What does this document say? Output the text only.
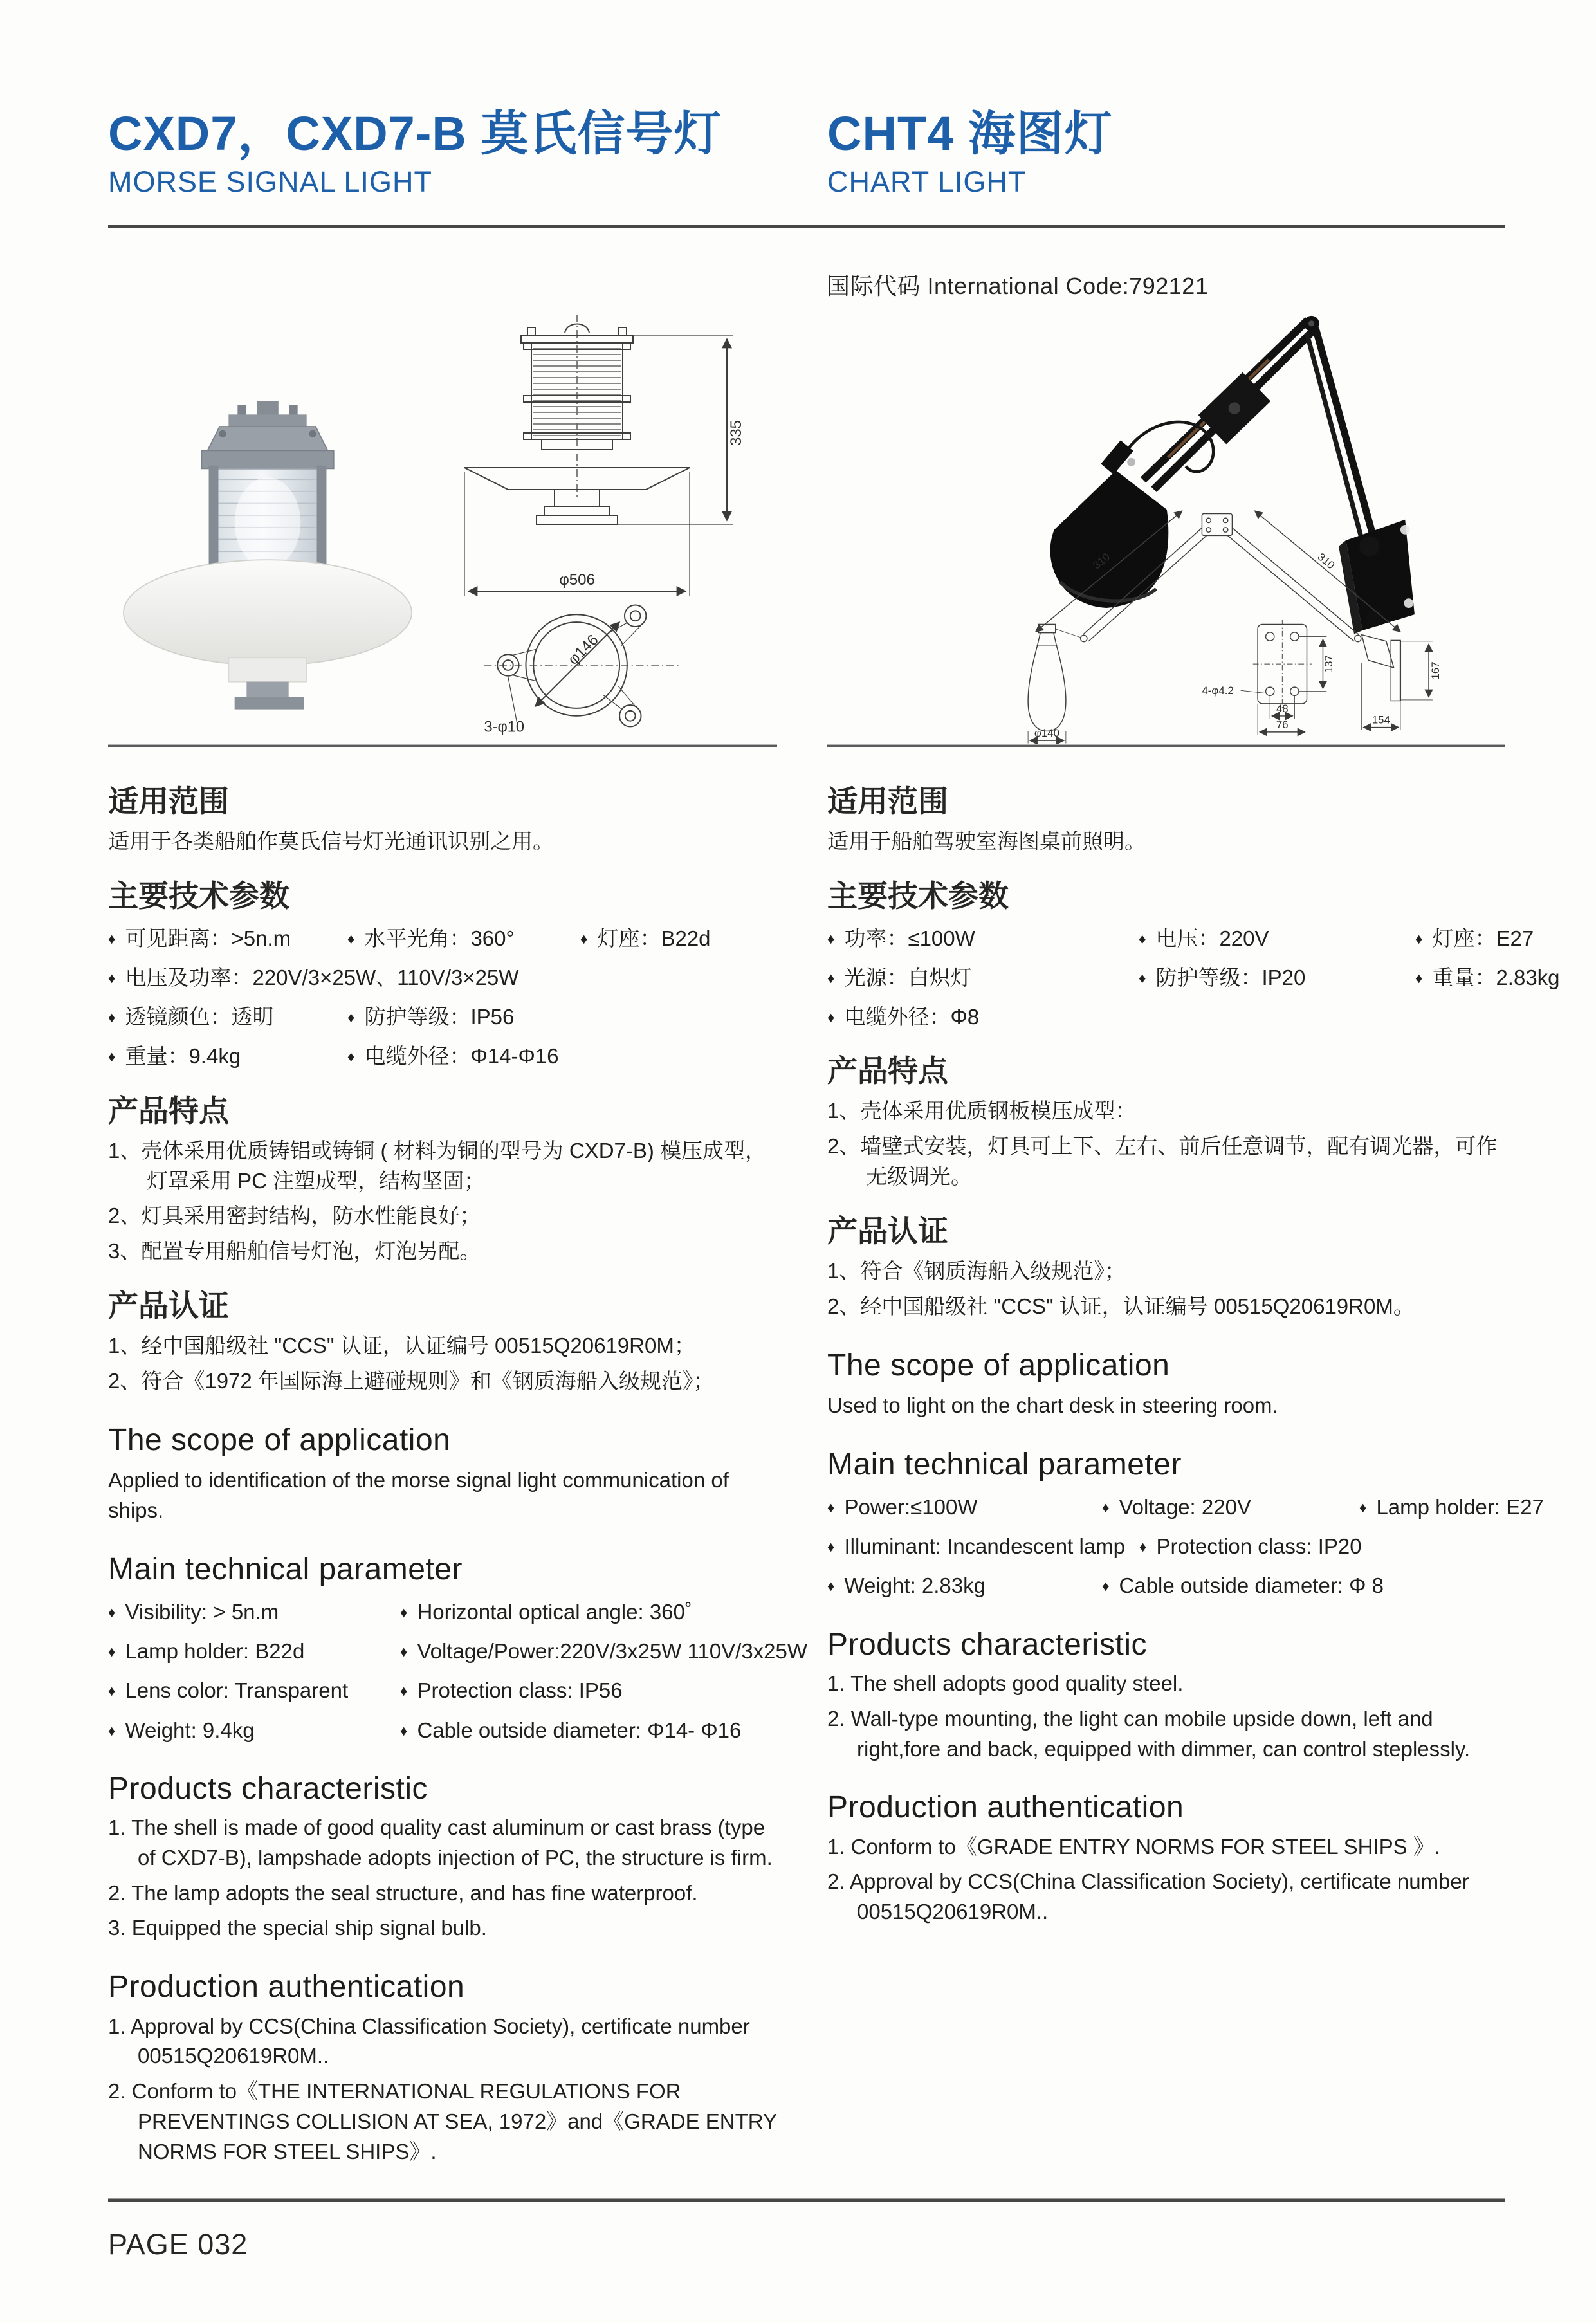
CXD7，CXD7-B 莫氏信号灯
MORSE SIGNAL LIGHT
CHT4 海图灯
CHART LIGHT
335
φ506
φ146
3-φ10
国际代码 International Code:792121
310	310
137
4-φ4.2
48
76
167
154
φ140
适用范围

适用于各类船舶作莫氏信号灯光通讯识别之用。

主要技术参数
♦ 可见距离：>5n.m	♦ 水平光角：360°	♦ 灯座：B22d
♦ 电压及功率：220V/3×25W、110V/3×25W
♦ 透镜颜色：透明	♦ 防护等级：IP56
♦ 重量：9.4kg	♦ 电缆外径：Φ14-Φ16
产品特点
1、壳体采用优质铸铝或铸铜 ( 材料为铜的型号为 CXD7-B) 模压成型，灯罩采用 PC 注塑成型，结构坚固；
2、灯具采用密封结构，防水性能良好；
3、配置专用船舶信号灯泡，灯泡另配。
产品认证
1、经中国船级社 "CCS" 认证，认证编号 00515Q20619R0M；
2、符合《1972 年国际海上避碰规则》和《钢质海船入级规范》；
The scope of application

Applied to identification of the morse signal light communication of ships.

Main technical parameter
♦ Visibility: > 5n.m	♦ Horizontal optical angle: 360˚
♦ Lamp holder: B22d	♦ Voltage/Power:220V/3x25W 110V/3x25W
♦ Lens color: Transparent	♦ Protection class: IP56
♦ Weight: 9.4kg	♦ Cable outside diameter: Φ14- Φ16
Products characteristic
1. The shell is made of good quality cast aluminum or cast brass (type of CXD7-B), lampshade adopts injection of PC, the structure is firm.
2. The lamp adopts the seal structure, and has fine waterproof.
3. Equipped the special ship signal bulb.
Production authentication
1. Approval by CCS(China Classification Society), certificate number 00515Q20619R0M..
2. Conform to《THE INTERNATIONAL REGULATIONS FOR PREVENTINGS COLLISION AT SEA, 1972》and《GRADE ENTRY NORMS FOR STEEL SHIPS》.
适用范围

适用于船舶驾驶室海图桌前照明。

主要技术参数
♦ 功率：≤100W	♦ 电压：220V	♦ 灯座：E27
♦ 光源：白炽灯	♦ 防护等级：IP20	♦ 重量：2.83kg
♦ 电缆外径：Φ8
产品特点
1、壳体采用优质钢板模压成型：
2、墙壁式安装，灯具可上下、左右、前后任意调节，配有调光器，可作无级调光。
产品认证
1、符合《钢质海船入级规范》；
2、经中国船级社 "CCS" 认证，认证编号 00515Q20619R0M。
The scope of application

Used to light on the chart desk in steering room.

Main technical parameter
♦ Power:≤100W	♦ Voltage: 220V	♦ Lamp holder: E27
♦ Illuminant: Incandescent lamp	♦ Protection class: IP20
♦ Weight: 2.83kg	♦ Cable outside diameter: Φ 8
Products characteristic
1. The shell adopts good quality steel.
2. Wall-type mounting, the light can mobile upside down, left and right,fore and back, equipped with dimmer, can control steplessly.
Production authentication
1. Conform to《GRADE ENTRY NORMS FOR STEEL SHIPS 》.
2. Approval by CCS(China Classification Society), certificate number 00515Q20619R0M..
PAGE 032
